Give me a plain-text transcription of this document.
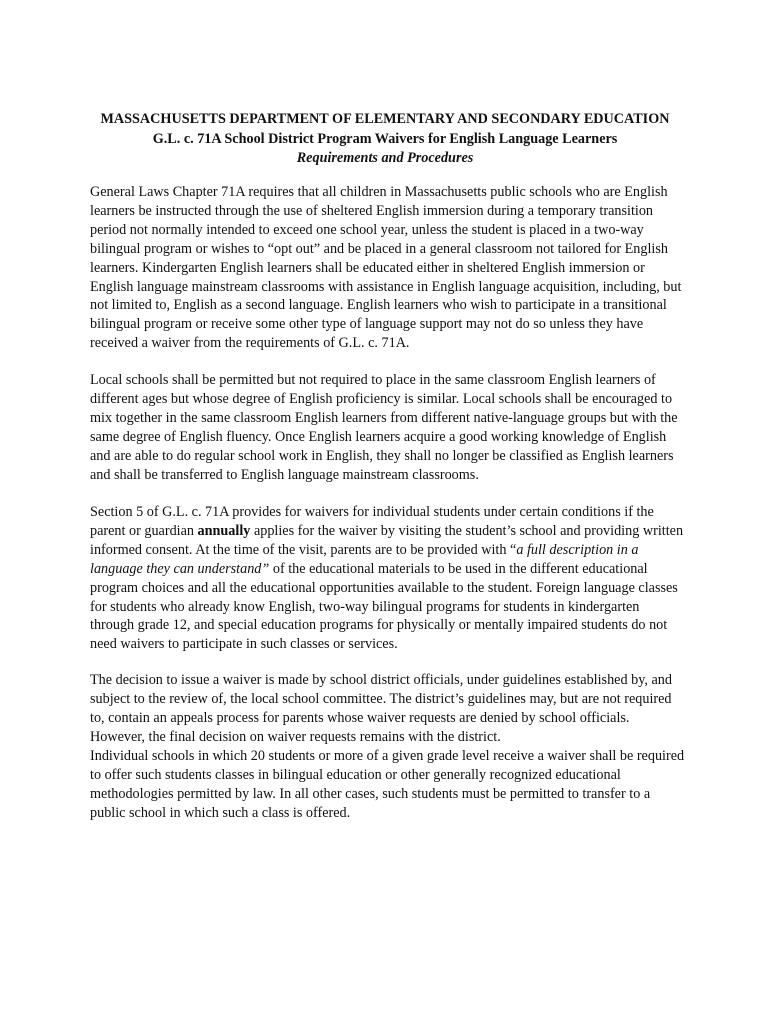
MASSACHUSETTS DEPARTMENT OF ELEMENTARY AND SECONDARY EDUCATION
G.L. c. 71A School District Program Waivers for English Language Learners
Requirements and Procedures

General Laws Chapter 71A requires that all children in Massachusetts public schools who are English learners be instructed through the use of sheltered English immersion during a temporary transition period not normally intended to exceed one school year, unless the student is placed in a two-way bilingual program or wishes to “opt out” and be placed in a general classroom not tailored for English learners. Kindergarten English learners shall be educated either in sheltered English immersion or English language mainstream classrooms with assistance in English language acquisition, including, but not limited to, English as a second language. English learners who wish to participate in a transitional bilingual program or receive some other type of language support may not do so unless they have received a waiver from the requirements of G.L. c. 71A.

Local schools shall be permitted but not required to place in the same classroom English learners of different ages but whose degree of English proficiency is similar. Local schools shall be encouraged to mix together in the same classroom English learners from different native-language groups but with the same degree of English fluency. Once English learners acquire a good working knowledge of English and are able to do regular school work in English, they shall no longer be classified as English learners and shall be transferred to English language mainstream classrooms.

Section 5 of G.L. c. 71A provides for waivers for individual students under certain conditions if the parent or guardian annually applies for the waiver by visiting the student’s school and providing written informed consent. At the time of the visit, parents are to be provided with “a full description in a language they can understand” of the educational materials to be used in the different educational program choices and all the educational opportunities available to the student. Foreign language classes for students who already know English, two-way bilingual programs for students in kindergarten through grade 12, and special education programs for physically or mentally impaired students do not need waivers to participate in such classes or services.

The decision to issue a waiver is made by school district officials, under guidelines established by, and subject to the review of, the local school committee. The district’s guidelines may, but are not required to, contain an appeals process for parents whose waiver requests are denied by school officials. However, the final decision on waiver requests remains with the district.

Individual schools in which 20 students or more of a given grade level receive a waiver shall be required to offer such students classes in bilingual education or other generally recognized educational methodologies permitted by law. In all other cases, such students must be permitted to transfer to a public school in which such a class is offered.
